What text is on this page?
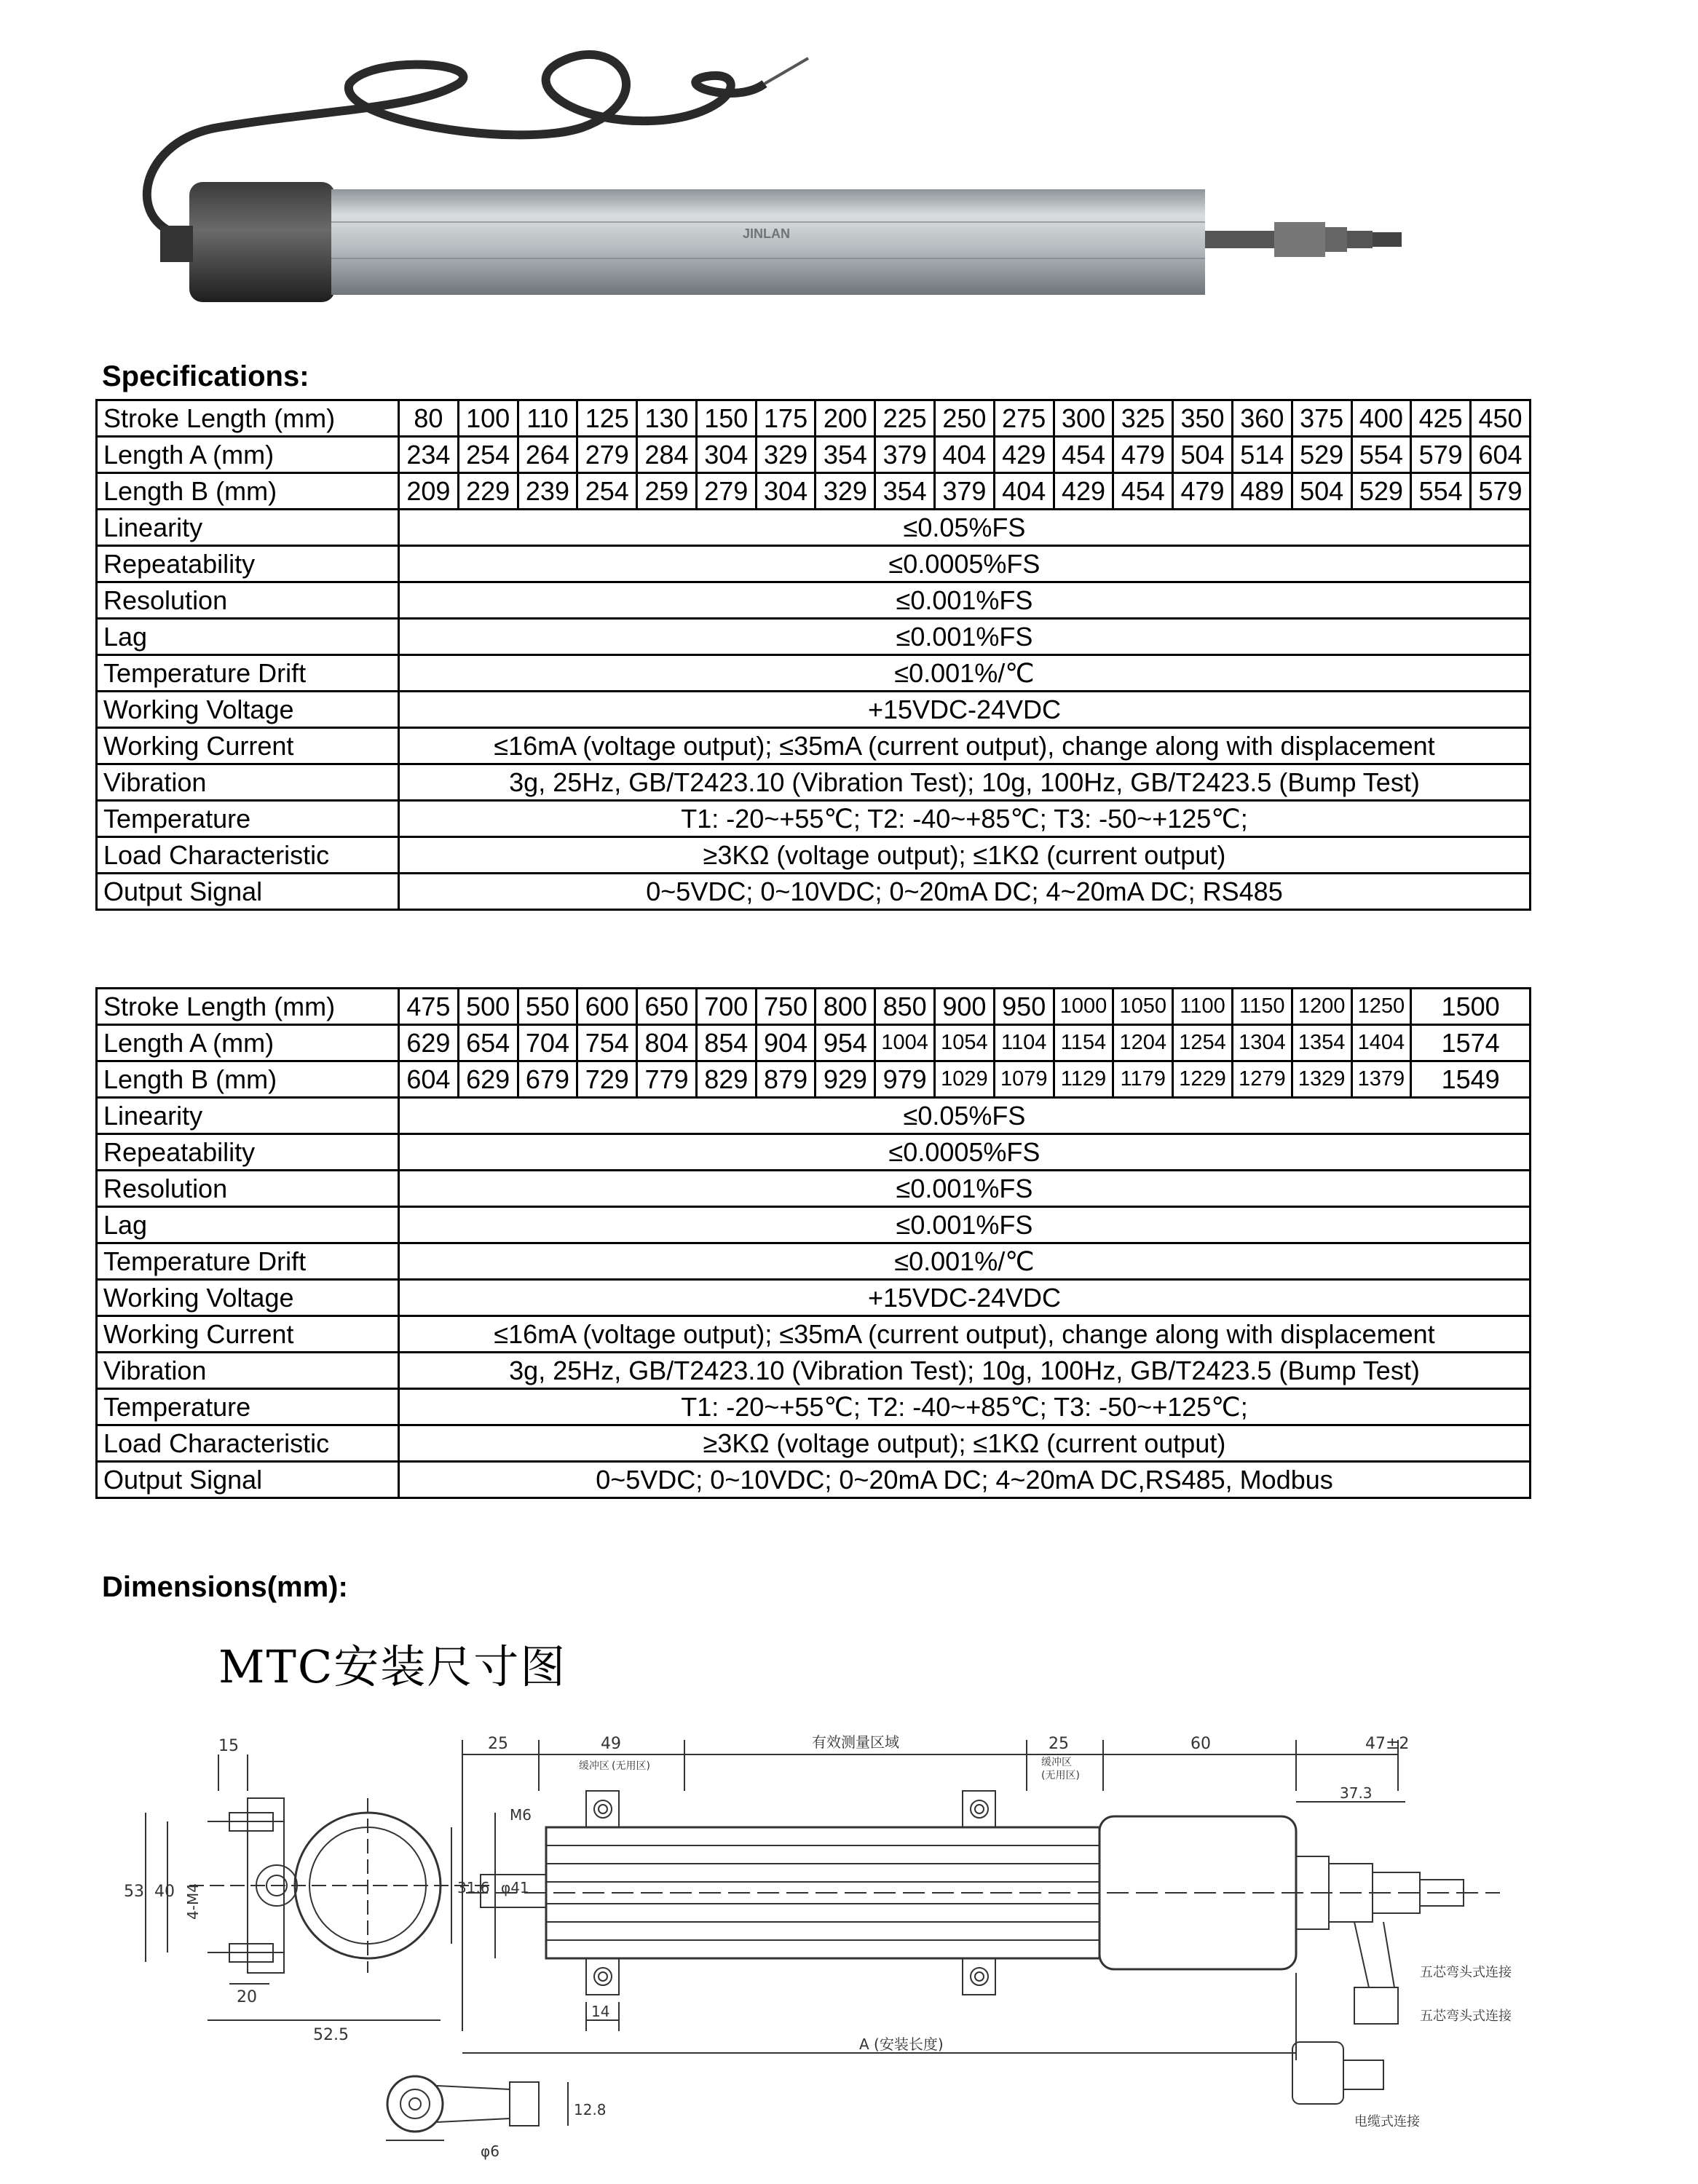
JINLAN
Specifications:
Stroke Length (mm)	80	100	110	125	130	150	175	200	225	250	275	300	325	350	360	375	400	425	450
Length A (mm)	234	254	264	279	284	304	329	354	379	404	429	454	479	504	514	529	554	579	604
Length B (mm)	209	229	239	254	259	279	304	329	354	379	404	429	454	479	489	504	529	554	579
Linearity	≤0.05%FS																		
Repeatability	≤0.0005%FS																		
Resolution	≤0.001%FS																		
Lag	≤0.001%FS																		
Temperature Drift	≤0.001%/℃																		
Working Voltage	+15VDC-24VDC																		
Working Current	≤16mA (voltage output); ≤35mA (current output), change along with displacement																		
Vibration	3g, 25Hz, GB/T2423.10 (Vibration Test); 10g, 100Hz, GB/T2423.5 (Bump Test)																		
Temperature	T1: -20~+55℃; T2: -40~+85℃; T3: -50~+125℃;																		
Load Characteristic	≥3KΩ (voltage output); ≤1KΩ (current output)																		
Output Signal	0~5VDC; 0~10VDC; 0~20mA DC; 4~20mA DC; RS485																		
Stroke Length (mm)	475	500	550	600	650	700	750	800	850	900	950	1000	1050	1100	1150	1200	1250	1500
Length A (mm)	629	654	704	754	804	854	904	954	1004	1054	1104	1154	1204	1254	1304	1354	1404	1574
Length B (mm)	604	629	679	729	779	829	879	929	979	1029	1079	1129	1179	1229	1279	1329	1379	1549
Linearity	≤0.05%FS																	
Repeatability	≤0.0005%FS																	
Resolution	≤0.001%FS																	
Lag	≤0.001%FS																	
Temperature Drift	≤0.001%/℃																	
Working Voltage	+15VDC-24VDC																	
Working Current	≤16mA (voltage output); ≤35mA (current output), change along with displacement																	
Vibration	3g, 25Hz, GB/T2423.10 (Vibration Test); 10g, 100Hz, GB/T2423.5 (Bump Test)																	
Temperature	T1: -20~+55℃; T2: -40~+85℃; T3: -50~+125℃;																	
Load Characteristic	≥3KΩ (voltage output); ≤1KΩ (current output)																	
Output Signal	0~5VDC; 0~10VDC; 0~20mA DC; 4~20mA DC,RS485, Modbus																	
Dimensions(mm):
MTC安装尺寸图
15
53 40 4-M4	31.6 φ41
20
52.5
25	49
缓冲区 (无用区)
有效测量区域	25
缓冲区
(无用区)
60	47±2
37.3
M6
14
五芯弯头式连接
五芯弯头式连接
电缆式连接
A (安装长度)
12.8
φ6
